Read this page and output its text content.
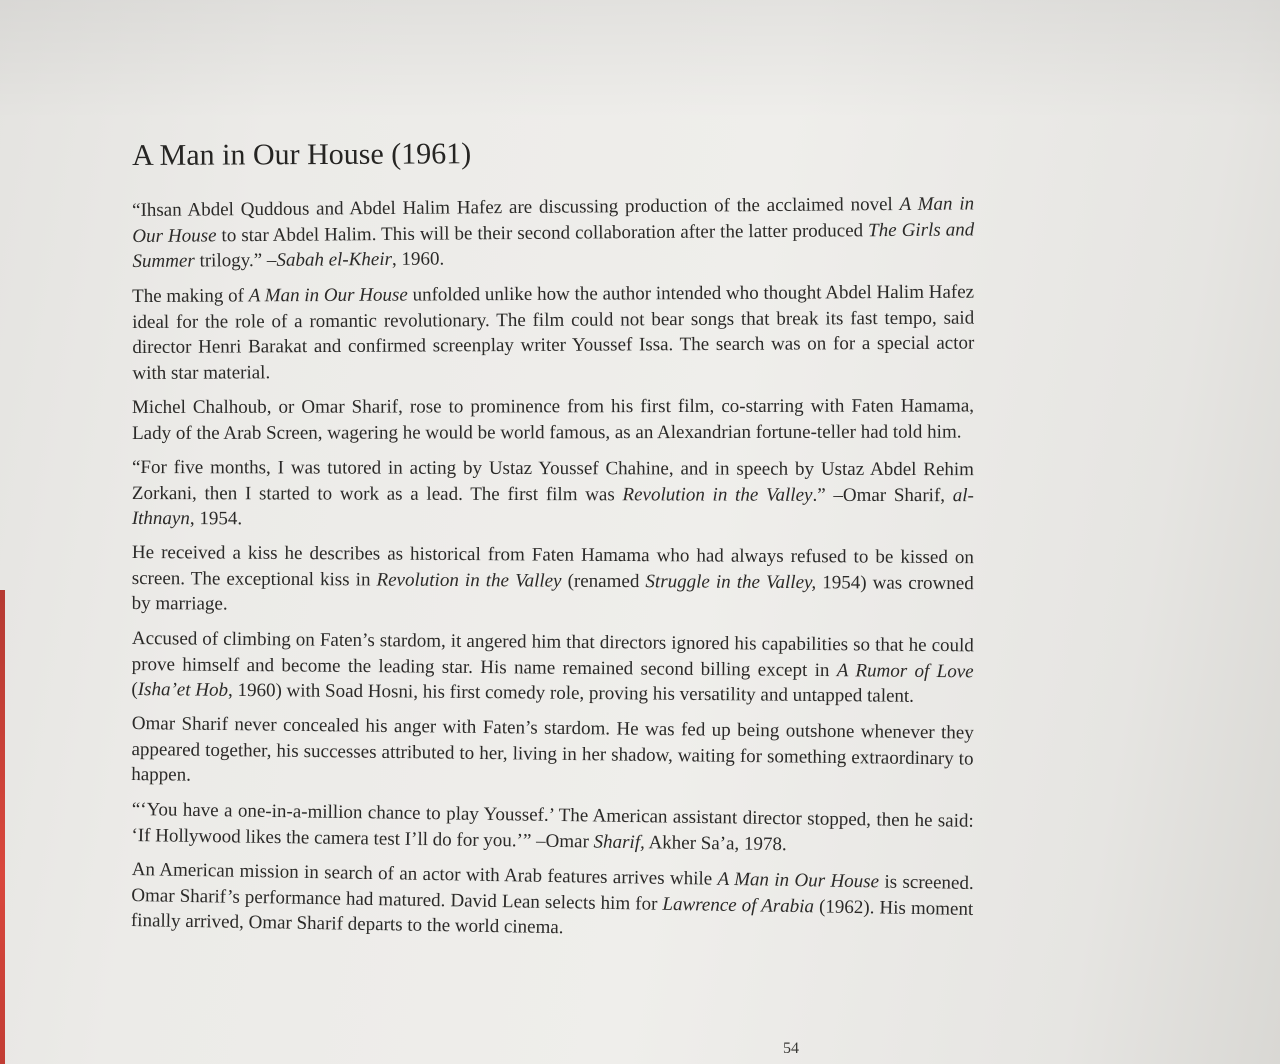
A Man in Our House (1961)

“Ihsan Abdel Quddous and Abdel Halim Hafez are discussing production of the acclaimed novel A Man in Our House to star Abdel Halim. This will be their second collaboration after the latter produced The Girls and Summer trilogy.” –Sabah el-Kheir, 1960.

The making of A Man in Our House unfolded unlike how the author intended who thought Abdel Halim Hafez ideal for the role of a romantic revolutionary. The film could not bear songs that break its fast tempo, said director Henri Barakat and confirmed screenplay writer Youssef Issa. The search was on for a special actor with star material.

Michel Chalhoub, or Omar Sharif, rose to prominence from his first film, co-starring with Faten Hamama, Lady of the Arab Screen, wagering he would be world famous, as an Alexandrian fortune-teller had told him.

“For five months, I was tutored in acting by Ustaz Youssef Chahine, and in speech by Ustaz Abdel Rehim Zorkani, then I started to work as a lead. The first film was Revolution in the Valley.” –Omar Sharif, al-Ithnayn, 1954.

He received a kiss he describes as historical from Faten Hamama who had always refused to be kissed on screen. The exceptional kiss in Revolution in the Valley (renamed Struggle in the Valley, 1954) was crowned by marriage.

Accused of climbing on Faten’s stardom, it angered him that directors ignored his capabilities so that he could prove himself and become the leading star. His name remained second billing except in A Rumor of Love (Isha’et Hob, 1960) with Soad Hosni, his first comedy role, proving his versatility and untapped talent.

Omar Sharif never concealed his anger with Faten’s stardom. He was fed up being outshone whenever they appeared together, his successes attributed to her, living in her shadow, waiting for something extraordinary to happen.

“‘You have a one-in-a-million chance to play Youssef.’ The American assistant director stopped, then he said: ‘If Hollywood likes the camera test I’ll do for you.’” –Omar Sharif, Akher Sa’a, 1978.

An American mission in search of an actor with Arab features arrives while A Man in Our House is screened. Omar Sharif’s performance had matured. David Lean selects him for Lawrence of Arabia (1962). His moment finally arrived, Omar Sharif departs to the world cinema.

54
